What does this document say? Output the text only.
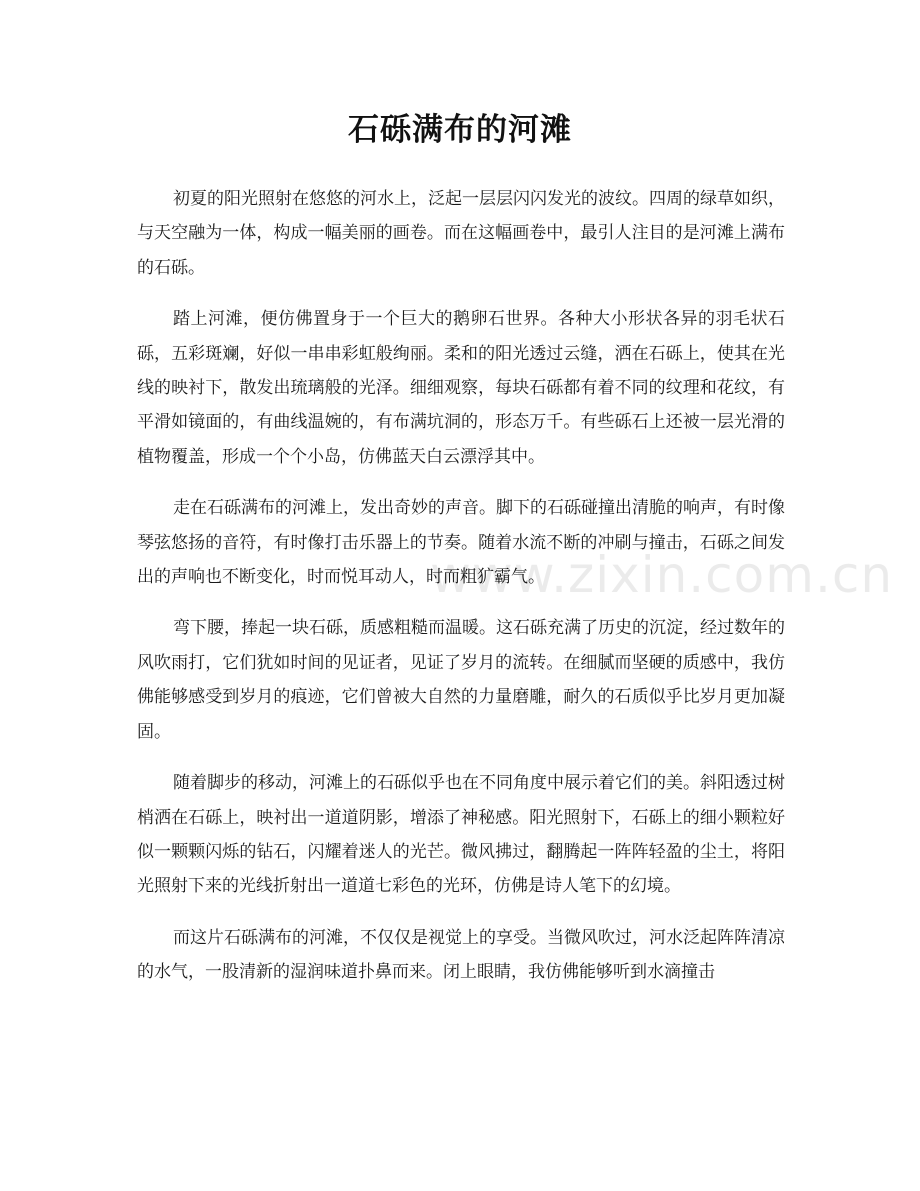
石砾满布的河滩

初夏的阳光照射在悠悠的河水上，泛起一层层闪闪发光的波纹。四周的绿草如织，与天空融为一体，构成一幅美丽的画卷。而在这幅画卷中，最引人注目的是河滩上满布的石砾。

踏上河滩，便仿佛置身于一个巨大的鹅卵石世界。各种大小形状各异的羽毛状石砾，五彩斑斓，好似一串串彩虹般绚丽。柔和的阳光透过云缝，洒在石砾上，使其在光线的映衬下，散发出琉璃般的光泽。细细观察，每块石砾都有着不同的纹理和花纹，有平滑如镜面的，有曲线温婉的，有布满坑洞的，形态万千。有些砾石上还被一层光滑的植物覆盖，形成一个个小岛，仿佛蓝天白云漂浮其中。

走在石砾满布的河滩上，发出奇妙的声音。脚下的石砾碰撞出清脆的响声，有时像琴弦悠扬的音符，有时像打击乐器上的节奏。随着水流不断的冲刷与撞击，石砾之间发出的声响也不断变化，时而悦耳动人，时而粗犷霸气。

弯下腰，捧起一块石砾，质感粗糙而温暖。这石砾充满了历史的沉淀，经过数年的风吹雨打，它们犹如时间的见证者，见证了岁月的流转。在细腻而坚硬的质感中，我仿佛能够感受到岁月的痕迹，它们曾被大自然的力量磨雕，耐久的石质似乎比岁月更加凝固。

随着脚步的移动，河滩上的石砾似乎也在不同角度中展示着它们的美。斜阳透过树梢洒在石砾上，映衬出一道道阴影，增添了神秘感。阳光照射下，石砾上的细小颗粒好似一颗颗闪烁的钻石，闪耀着迷人的光芒。微风拂过，翻腾起一阵阵轻盈的尘土，将阳光照射下来的光线折射出一道道七彩色的光环，仿佛是诗人笔下的幻境。

而这片石砾满布的河滩，不仅仅是视觉上的享受。当微风吹过，河水泛起阵阵清凉的水气，一股清新的湿润味道扑鼻而来。闭上眼睛，我仿佛能够听到水滴撞击

www.zixin.com.cn
